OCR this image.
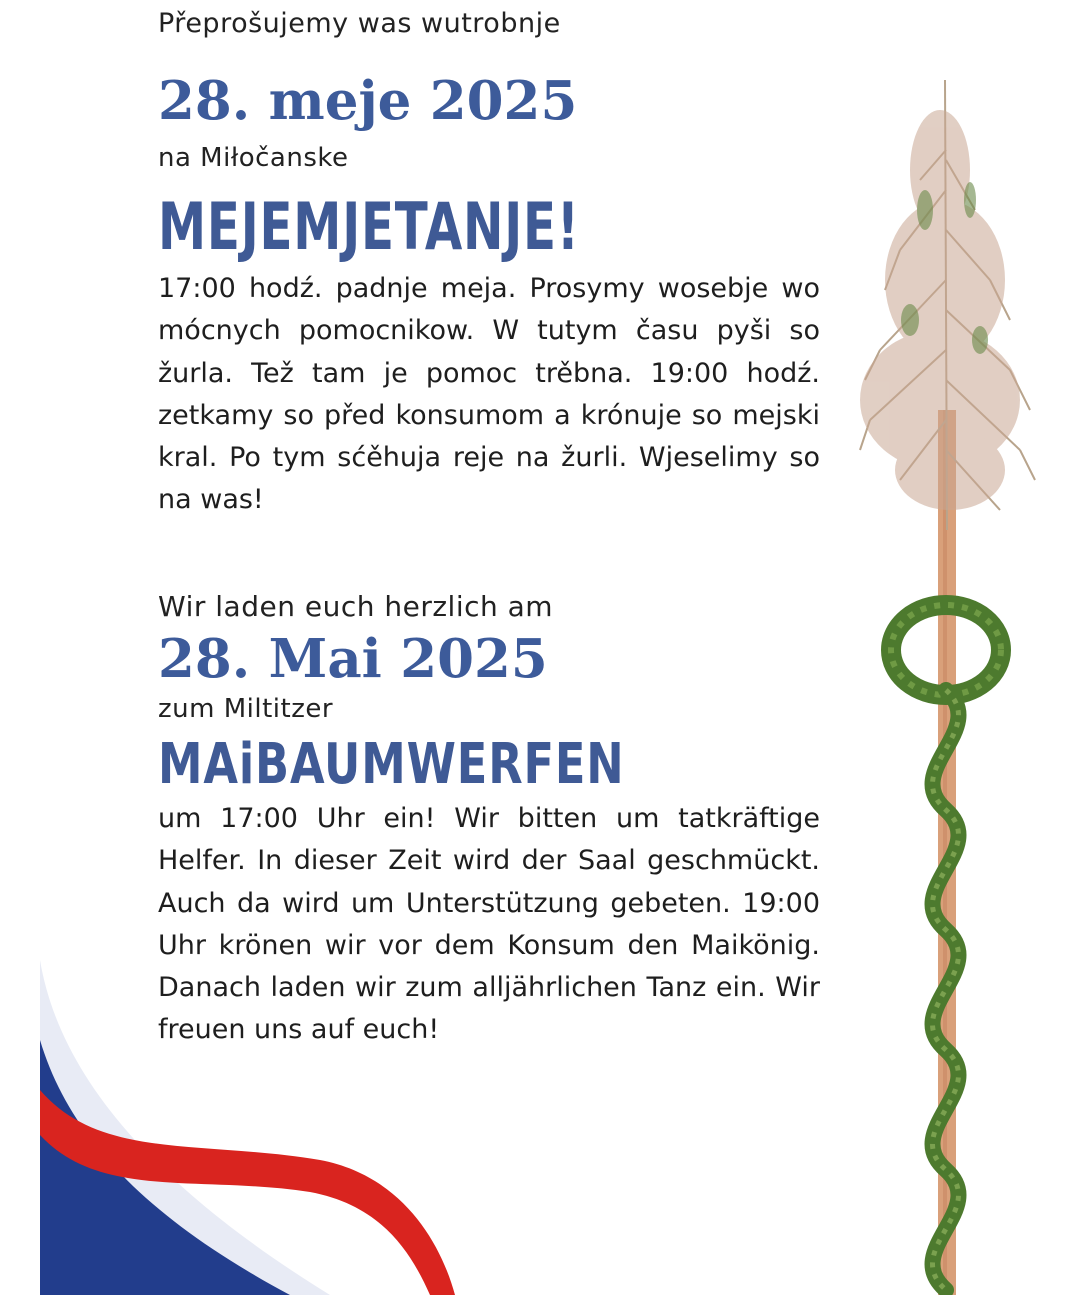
Přeprošujemy was wutrobnje
28. meje 2025
na Miłočanske
MEJEMJETANJE!
17:00 hodź. padnje meja. Prosymy wosebje wo mócnych pomocnikow. W tutym času pyši so žurla. Tež tam je pomoc trěbna. 19:00 hodź. zetkamy so před konsumom a krónuje so mejski kral. Po tym sćěhuja reje na žurli. Wjeselimy so na was!
Wir laden euch herzlich am
28. Mai 2025
zum Miltitzer
MAiBAUMWERFEN
um 17:00 Uhr ein! Wir bitten um tatkräftige Helfer. In dieser Zeit wird der Saal geschmückt. Auch da wird um Unterstützung gebeten. 19:00 Uhr krönen wir vor dem Konsum den Maikönig. Danach laden wir zum alljährlichen Tanz ein. Wir freuen uns auf euch!
